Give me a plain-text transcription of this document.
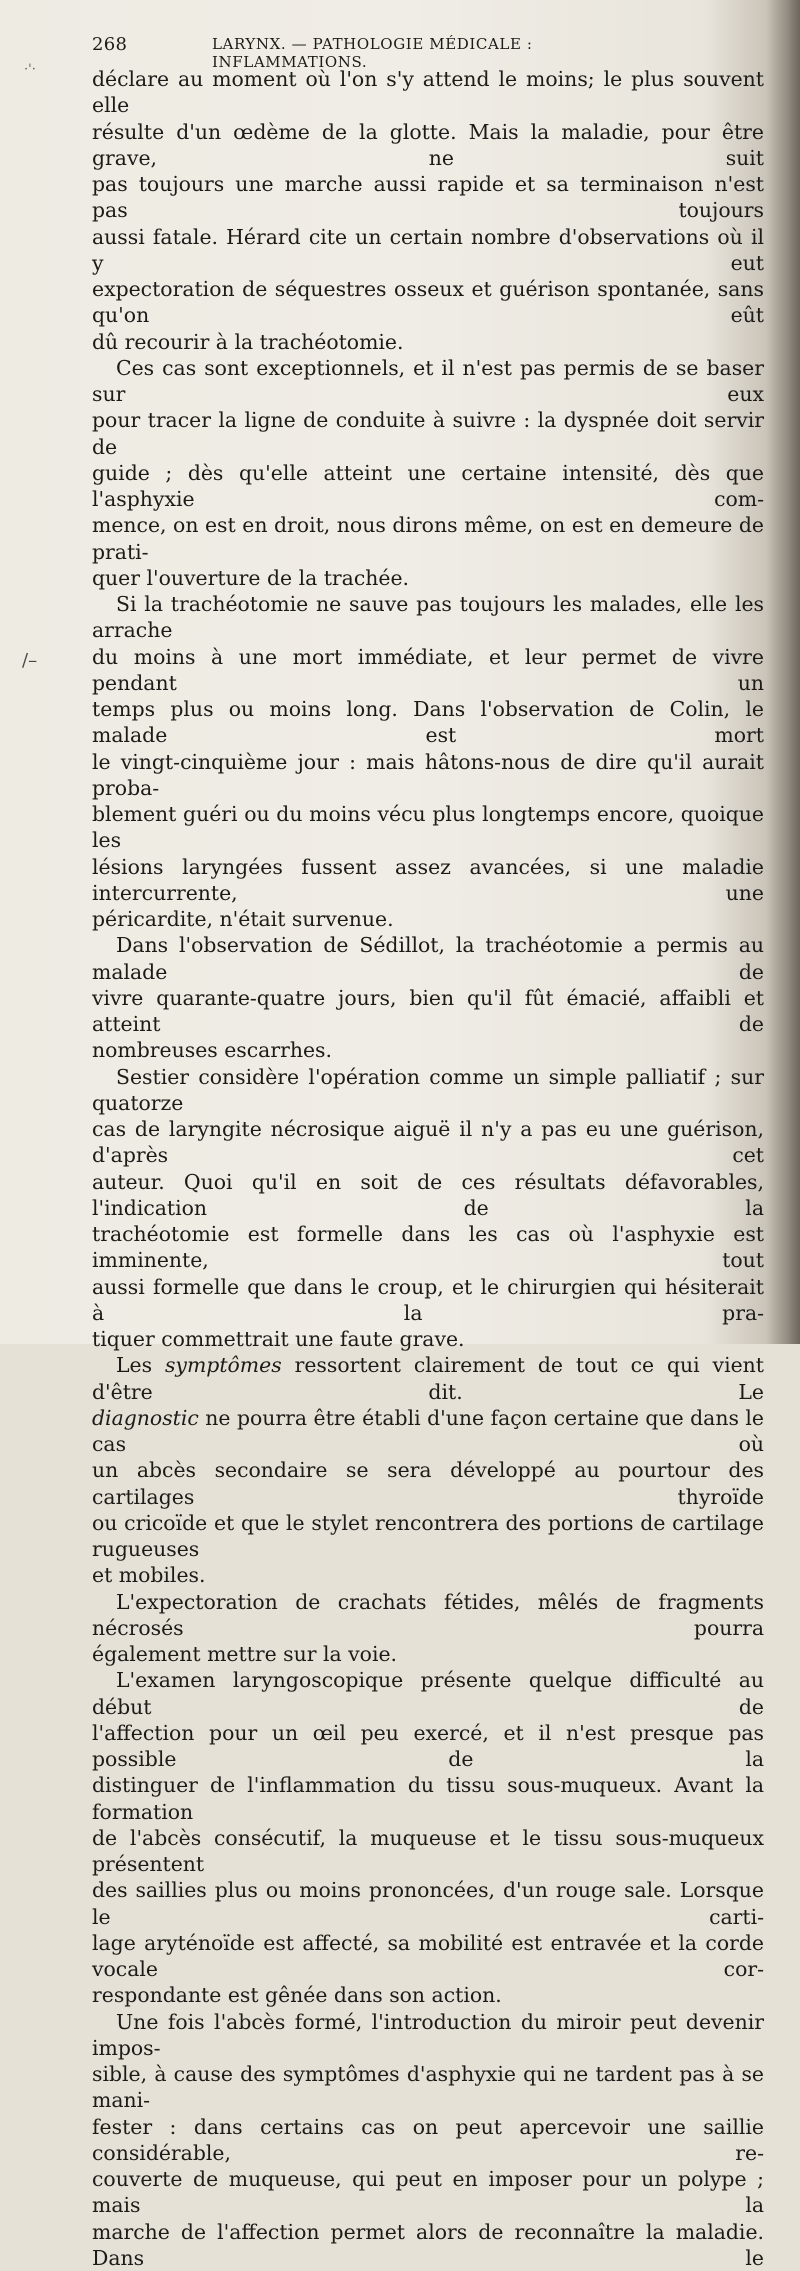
·'·
/–
268	LARYNX. — PATHOLOGIE MÉDICALE : INFLAMMATIONS.

déclare au moment où l'on s'y attend le moins; le plus souvent elle

résulte d'un œdème de la glotte. Mais la maladie, pour être grave, ne suit

pas toujours une marche aussi rapide et sa terminaison n'est pas toujours

aussi fatale. Hérard cite un certain nombre d'observations où il y eut

expectoration de séquestres osseux et guérison spontanée, sans qu'on eût

dû recourir à la trachéotomie.

Ces cas sont exceptionnels, et il n'est pas permis de se baser sur eux

pour tracer la ligne de conduite à suivre : la dyspnée doit servir de

guide ; dès qu'elle atteint une certaine intensité, dès que l'asphyxie com-

mence, on est en droit, nous dirons même, on est en demeure de prati-

quer l'ouverture de la trachée.

Si la trachéotomie ne sauve pas toujours les malades, elle les arrache

du moins à une mort immédiate, et leur permet de vivre pendant un

temps plus ou moins long. Dans l'observation de Colin, le malade est mort

le vingt-cinquième jour : mais hâtons-nous de dire qu'il aurait proba-

blement guéri ou du moins vécu plus longtemps encore, quoique les

lésions laryngées fussent assez avancées, si une maladie intercurrente, une

péricardite, n'était survenue.

Dans l'observation de Sédillot, la trachéotomie a permis au malade de

vivre quarante-quatre jours, bien qu'il fût émacié, affaibli et atteint de

nombreuses escarrhes.

Sestier considère l'opération comme un simple palliatif ; sur quatorze

cas de laryngite nécrosique aiguë il n'y a pas eu une guérison, d'après cet

auteur. Quoi qu'il en soit de ces résultats défavorables, l'indication de la

trachéotomie est formelle dans les cas où l'asphyxie est imminente, tout

aussi formelle que dans le croup, et le chirurgien qui hésiterait à la pra-

tiquer commettrait une faute grave.

Les symptômes ressortent clairement de tout ce qui vient d'être dit. Le

diagnostic ne pourra être établi d'une façon certaine que dans le cas où

un abcès secondaire se sera développé au pourtour des cartilages thyroïde

ou cricoïde et que le stylet rencontrera des portions de cartilage rugueuses

et mobiles.

L'expectoration de crachats fétides, mêlés de fragments nécrosés pourra

également mettre sur la voie.

L'examen laryngoscopique présente quelque difficulté au début de

l'affection pour un œil peu exercé, et il n'est presque pas possible de la

distinguer de l'inflammation du tissu sous-muqueux. Avant la formation

de l'abcès consécutif, la muqueuse et le tissu sous-muqueux présentent

des saillies plus ou moins prononcées, d'un rouge sale. Lorsque le carti-

lage aryténoïde est affecté, sa mobilité est entravée et la corde vocale cor-

respondante est gênée dans son action.

Une fois l'abcès formé, l'introduction du miroir peut devenir impos-

sible, à cause des symptômes d'asphyxie qui ne tardent pas à se mani-

fester : dans certains cas on peut apercevoir une saillie considérable, re-

couverte de muqueuse, qui peut en imposer pour un polype ; mais la

marche de l'affection permet alors de reconnaître la maladie. Dans le
